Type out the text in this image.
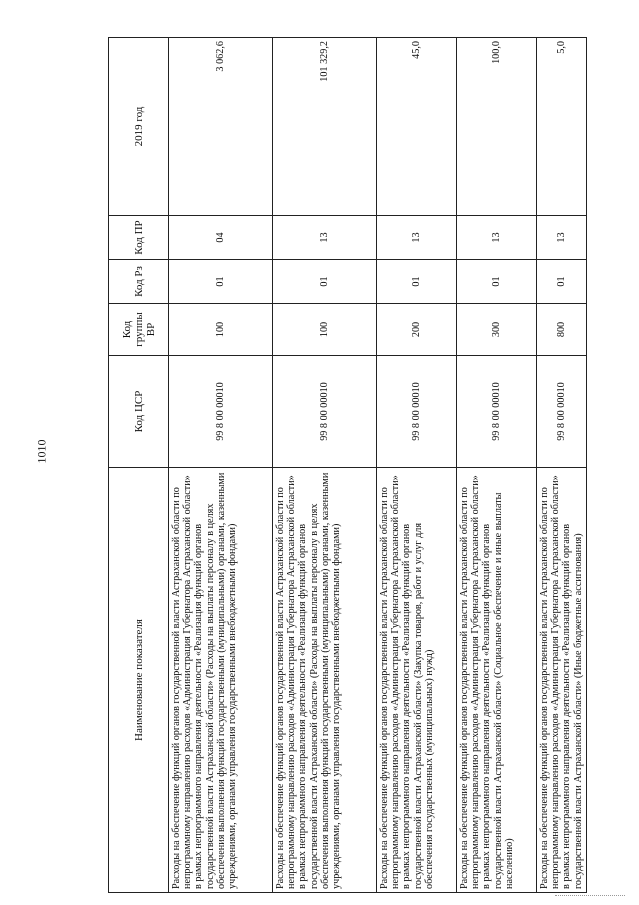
1010
Наименование показателя	Код ЦСР	Код группы ВР	Код Рз	Код ПР	2019 год
Расходы на обеспечение функций органов государственной власти Астраханской области по непрограммному направлению расходов «Администрация Губернатора Астраханской области» в рамках непрограммного направления деятельности «Реализация функций органов государственной власти Астраханской области» (Расходы на выплаты персоналу в целях обеспечения выполнения функций государственными (муниципальными) органами, казенными учреждениями, органами управления государственными внебюджетными фондами)	99 8 00 00010	100	01	04	3 062,6
Расходы на обеспечение функций органов государственной власти Астраханской области по непрограммному направлению расходов «Администрация Губернатора Астраханской области» в рамках непрограммного направления деятельности «Реализация функций органов государственной власти Астраханской области» (Расходы на выплаты персоналу в целях обеспечения выполнения функций государственными (муниципальными) органами, казенными учреждениями, органами управления государственными внебюджетными фондами)	99 8 00 00010	100	01	13	101 329,2
Расходы на обеспечение функций органов государственной власти Астраханской области по непрограммному направлению расходов «Администрация Губернатора Астраханской области» в рамках непрограммного направления деятельности «Реализация функций органов государственной власти Астраханской области» (Закупка товаров, работ и услуг для обеспечения государственных (муниципальных) нужд)	99 8 00 00010	200	01	13	45,0
Расходы на обеспечение функций органов государственной власти Астраханской области по непрограммному направлению расходов «Администрация Губернатора Астраханской области» в рамках непрограммного направления деятельности «Реализация функций органов государственной власти Астраханской области» (Социальное обеспечение и иные выплаты населению)	99 8 00 00010	300	01	13	100,0
Расходы на обеспечение функций органов государственной власти Астраханской области по непрограммному направлению расходов «Администрация Губернатора Астраханской области» в рамках непрограммного направления деятельности «Реализация функций органов государственной власти Астраханской области» (Иные бюджетные ассигнования)	99 8 00 00010	800	01	13	5,0
